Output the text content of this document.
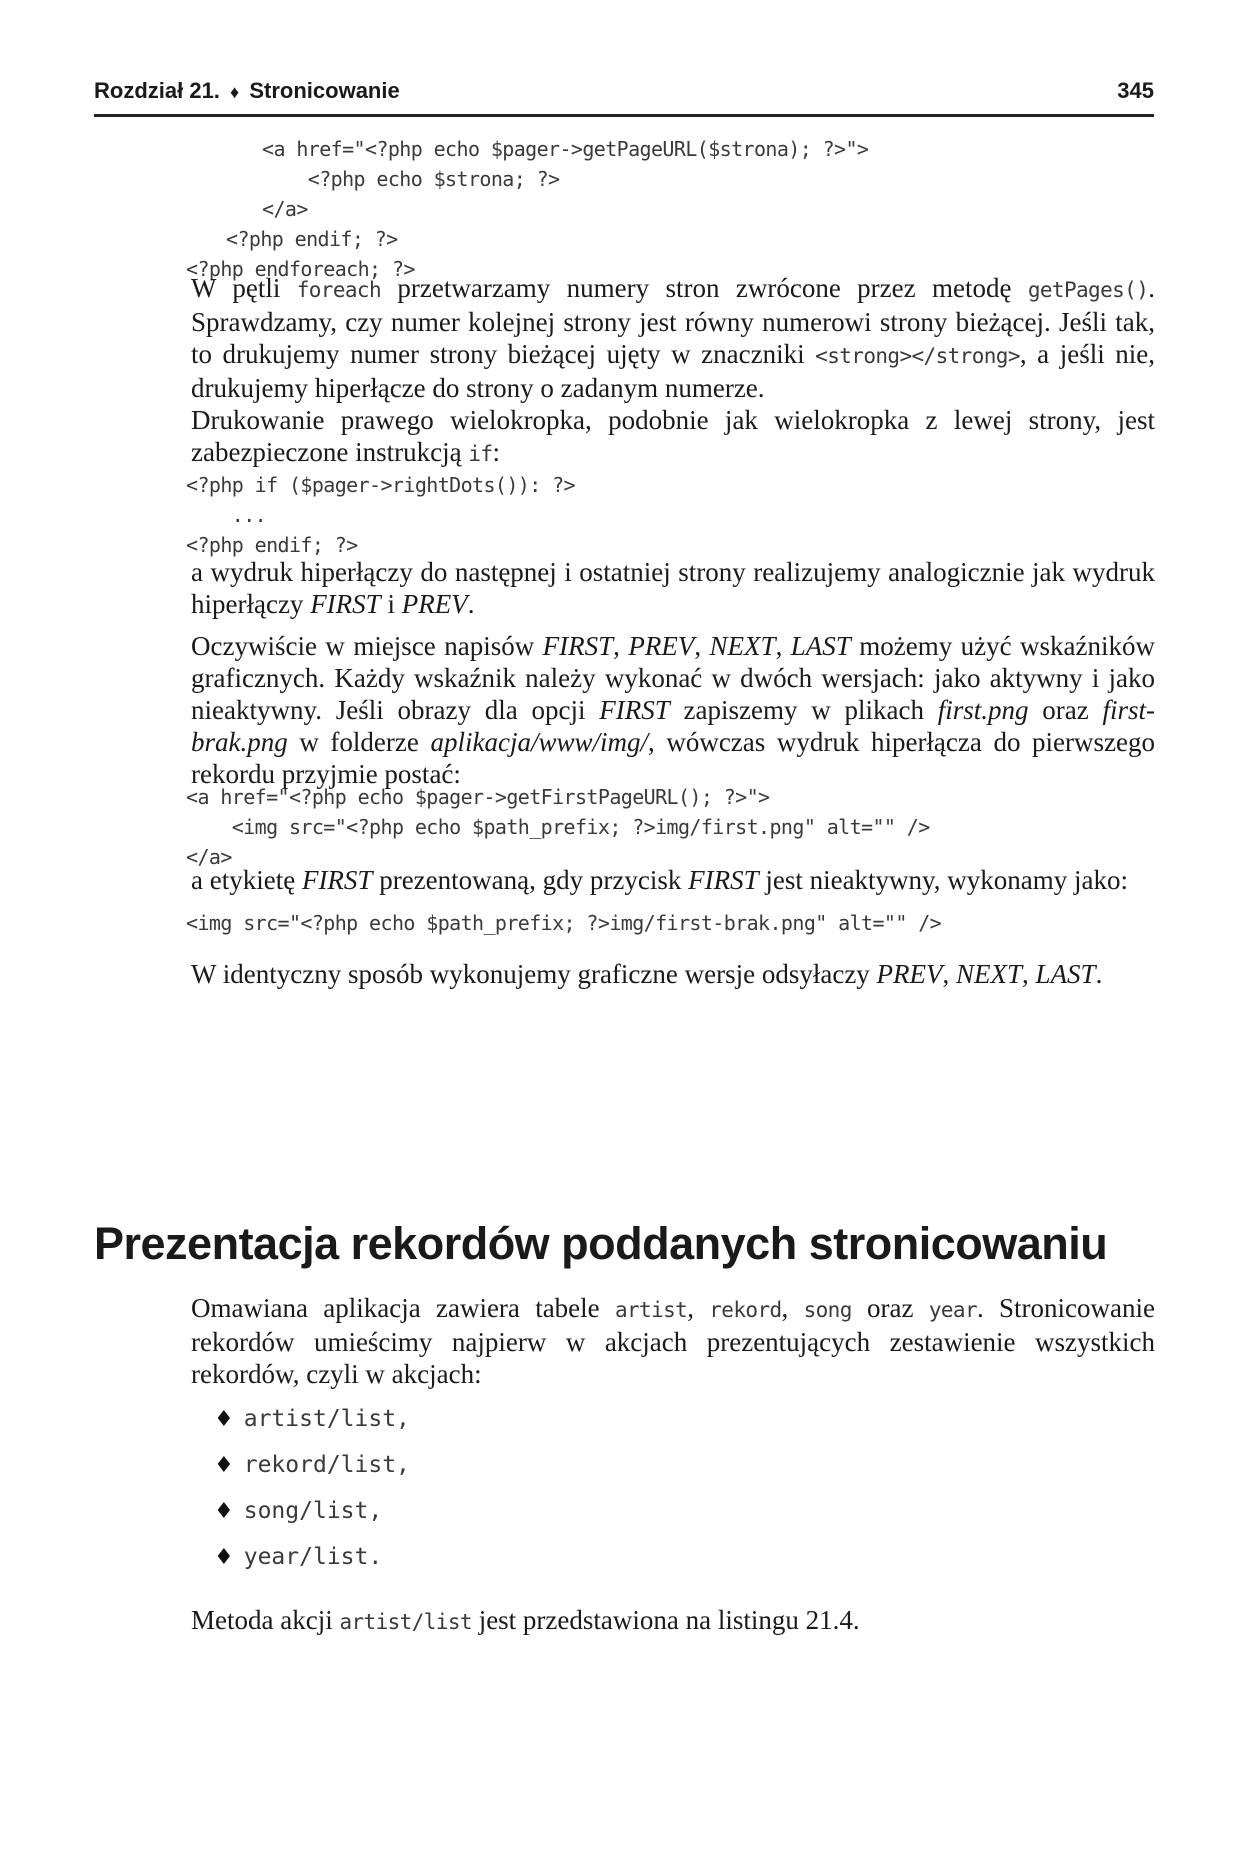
Rozdział 21. ♦ Stronicowanie	345
<a href="<?php echo $pager->getPageURL($strona); ?>">
<?php echo $strona; ?>
</a>
<?php endif; ?>
<?php endforeach; ?>
W pętli foreach przetwarzamy numery stron zwrócone przez metodę getPages(). Sprawdzamy, czy numer kolejnej strony jest równy numerowi strony bieżącej. Jeśli tak, to drukujemy numer strony bieżącej ujęty w znaczniki <strong></strong>, a jeśli nie, drukujemy hiperłącze do strony o zadanym numerze.
Drukowanie prawego wielokropka, podobnie jak wielokropka z lewej strony, jest zabezpieczone instrukcją if:
<?php if ($pager->rightDots()): ?>
...
<?php endif; ?>
a wydruk hiperłączy do następnej i ostatniej strony realizujemy analogicznie jak wydruk hiperłączy FIRST i PREV.
Oczywiście w miejsce napisów FIRST, PREV, NEXT, LAST możemy użyć wskaźników graficznych. Każdy wskaźnik należy wykonać w dwóch wersjach: jako aktywny i jako nieaktywny. Jeśli obrazy dla opcji FIRST zapiszemy w plikach first.png oraz first-brak.png w folderze aplikacja/www/img/, wówczas wydruk hiperłącza do pierwszego rekordu przyjmie postać:
<a href="<?php echo $pager->getFirstPageURL(); ?>">
<img src="<?php echo $path_prefix; ?>img/first.png" alt="" />
</a>
a etykietę FIRST prezentowaną, gdy przycisk FIRST jest nieaktywny, wykonamy jako:
<img src="<?php echo $path_prefix; ?>img/first-brak.png" alt="" />
W identyczny sposób wykonujemy graficzne wersje odsyłaczy PREV, NEXT, LAST.
Prezentacja rekordów poddanych stronicowaniu
Omawiana aplikacja zawiera tabele artist, rekord, song oraz year. Stronicowanie rekordów umieścimy najpierw w akcjach prezentujących zestawienie wszystkich rekordów, czyli w akcjach:
♦ artist/list,
♦ rekord/list,
♦ song/list,
♦ year/list.
Metoda akcji artist/list jest przedstawiona na listingu 21.4.
